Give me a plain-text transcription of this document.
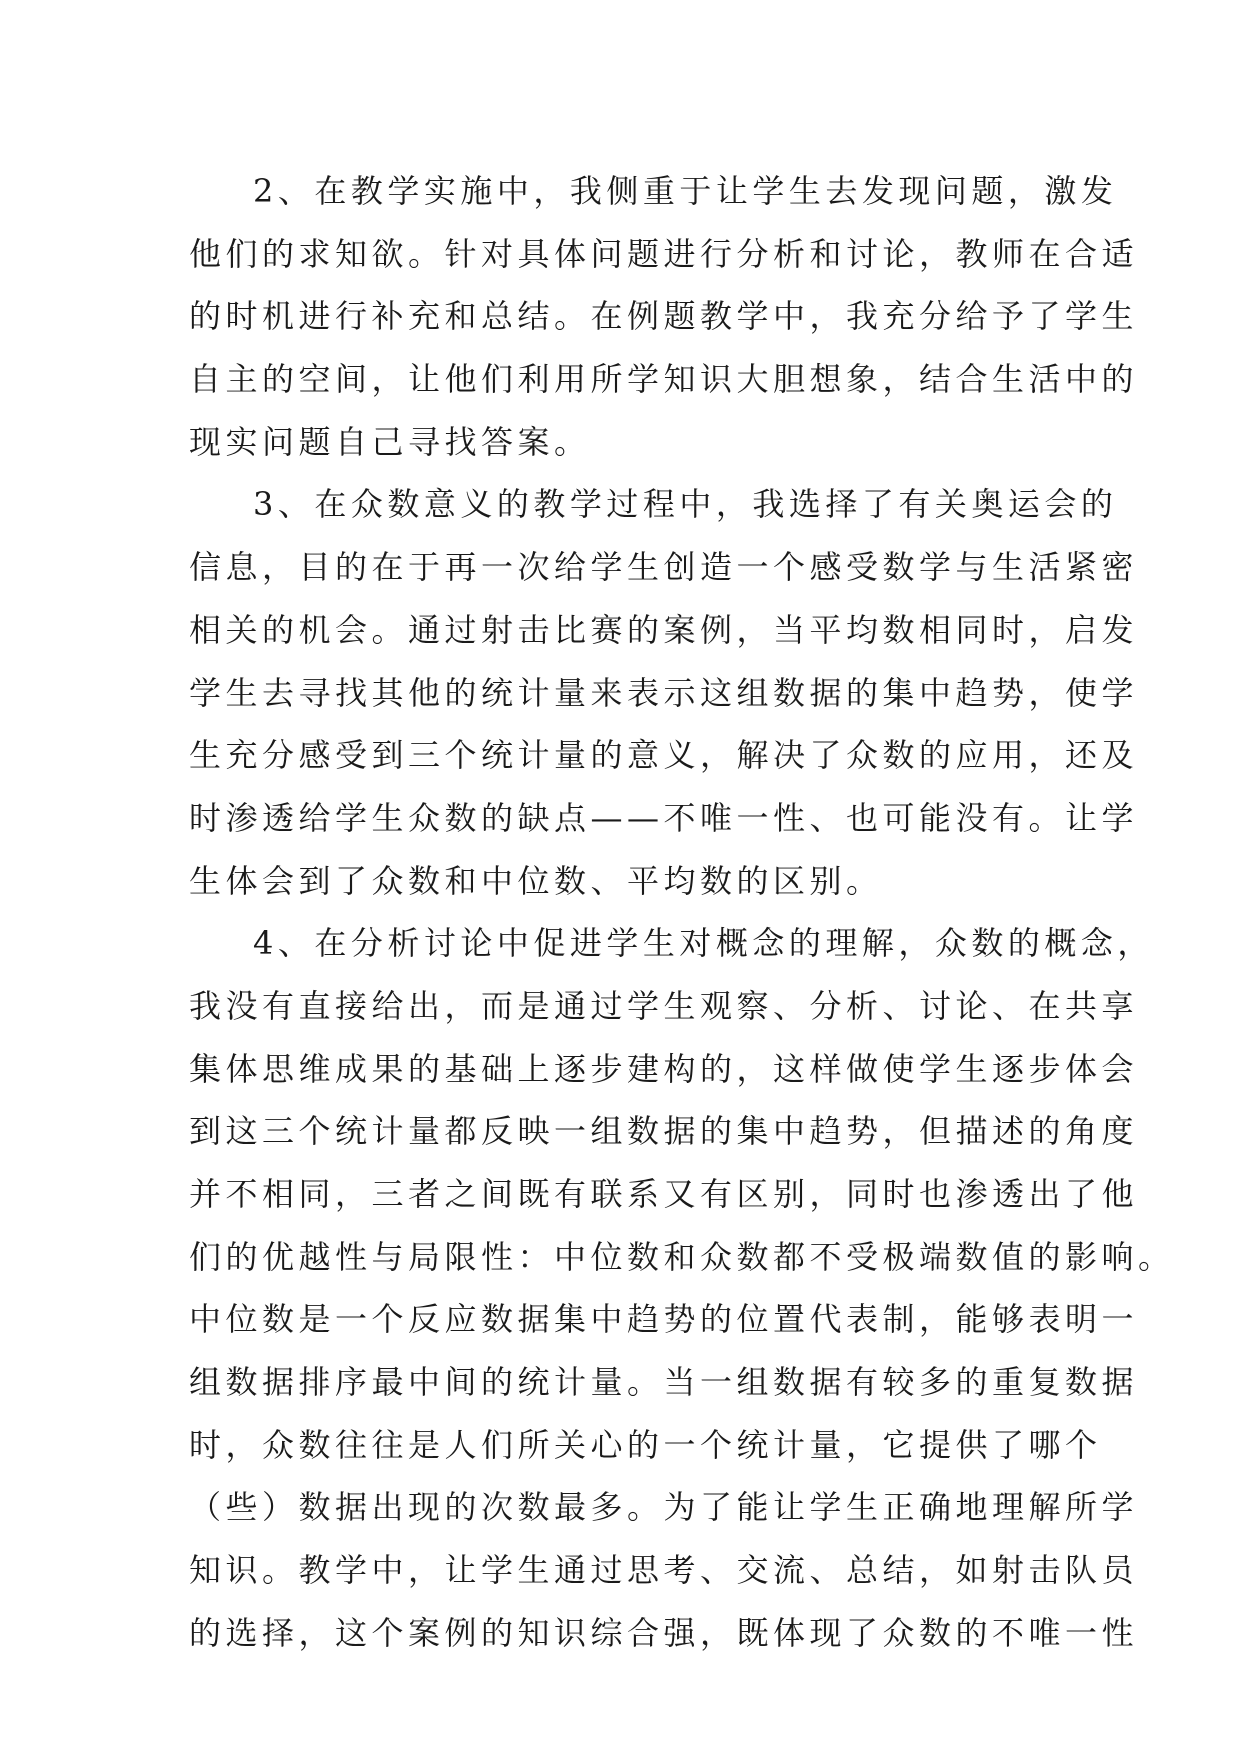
2、在教学实施中，我侧重于让学生去发现问题，激发
他们的求知欲。针对具体问题进行分析和讨论，教师在合适
的时机进行补充和总结。在例题教学中，我充分给予了学生
自主的空间，让他们利用所学知识大胆想象，结合生活中的
现实问题自己寻找答案。
3、在众数意义的教学过程中，我选择了有关奥运会的
信息，目的在于再一次给学生创造一个感受数学与生活紧密
相关的机会。通过射击比赛的案例，当平均数相同时，启发
学生去寻找其他的统计量来表示这组数据的集中趋势，使学
生充分感受到三个统计量的意义，解决了众数的应用，还及
时渗透给学生众数的缺点——不唯一性、也可能没有。让学
生体会到了众数和中位数、平均数的区别。
4、在分析讨论中促进学生对概念的理解，众数的概念，
我没有直接给出，而是通过学生观察、分析、讨论、在共享
集体思维成果的基础上逐步建构的，这样做使学生逐步体会
到这三个统计量都反映一组数据的集中趋势，但描述的角度
并不相同，三者之间既有联系又有区别，同时也渗透出了他
们的优越性与局限性：中位数和众数都不受极端数值的影响。
中位数是一个反应数据集中趋势的位置代表制，能够表明一
组数据排序最中间的统计量。当一组数据有较多的重复数据
时，众数往往是人们所关心的一个统计量，它提供了哪个
（些）数据出现的次数最多。为了能让学生正确地理解所学
知识。教学中，让学生通过思考、交流、总结，如射击队员
的选择，这个案例的知识综合强，既体现了众数的不唯一性
